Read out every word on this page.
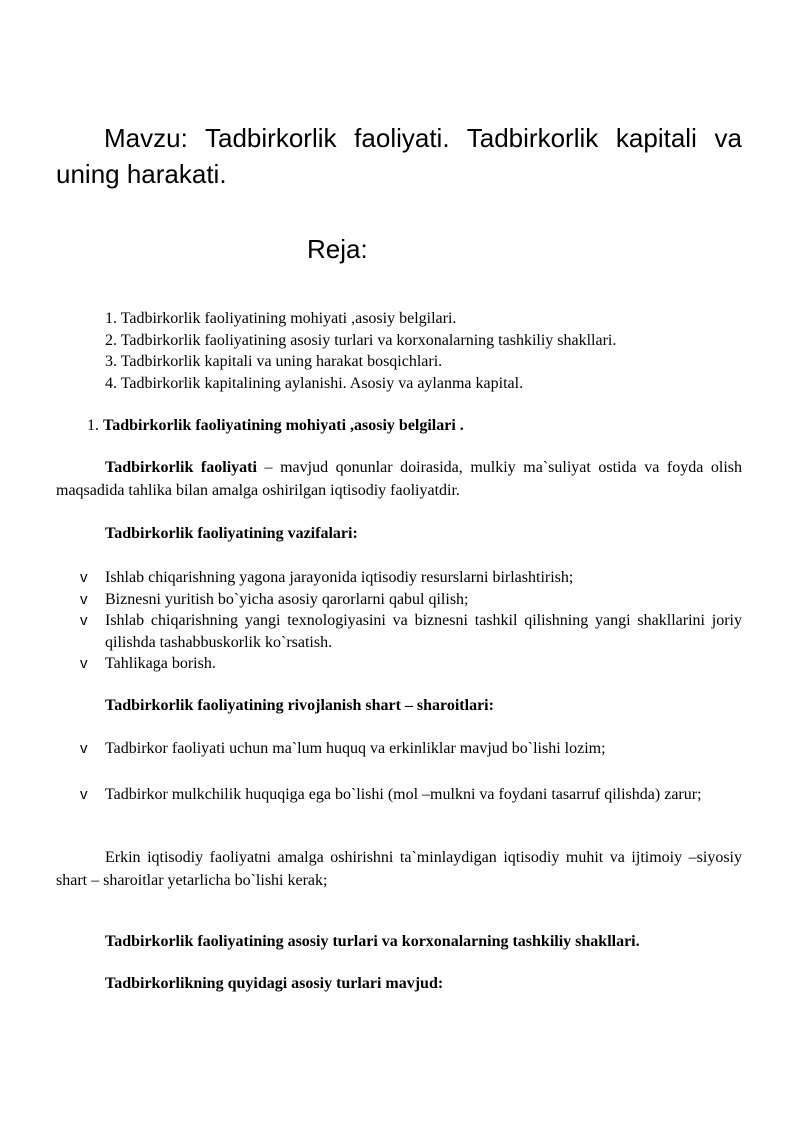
Mavzu: Tadbirkorlik faoliyati. Tadbirkorlik kapitali va uning harakati.

Reja:

1. Tadbirkorlik faoliyatining mohiyati ,asosiy belgilari.
2. Tadbirkorlik faoliyatining asosiy turlari va korxonalarning tashkiliy shakllari.
3. Tadbirkorlik kapitali va uning harakat bosqichlari.
4. Tadbirkorlik kapitalining aylanishi. Asosiy va aylanma kapital.

1. Tadbirkorlik faoliyatining mohiyati ,asosiy belgilari .

Tadbirkorlik faoliyati – mavjud qonunlar doirasida, mulkiy ma`suliyat ostida va foyda olish maqsadida tahlika bilan amalga oshirilgan iqtisodiy faoliyatdir.

Tadbirkorlik faoliyatining vazifalari:

v Ishlab chiqarishning yagona jarayonida iqtisodiy resurslarni birlashtirish;
v Biznesni yuritish bo`yicha asosiy qarorlarni qabul qilish;
v Ishlab chiqarishning yangi texnologiyasini va biznesni tashkil qilishning yangi shakllarini joriy qilishda tashabbuskorlik ko`rsatish.
v Tahlikaga borish.

Tadbirkorlik faoliyatining rivojlanish shart – sharoitlari:

v Tadbirkor faoliyati uchun ma`lum huquq va erkinliklar mavjud bo`lishi lozim;
v Tadbirkor mulkchilik huquqiga ega bo`lishi (mol –mulkni va foydani tasarruf qilishda) zarur;

Erkin iqtisodiy faoliyatni amalga oshirishni ta`minlaydigan iqtisodiy muhit va ijtimoiy –siyosiy shart – sharoitlar yetarlicha bo`lishi kerak;

Tadbirkorlik faoliyatining asosiy turlari va korxonalarning tashkiliy shakllari.

Tadbirkorlikning quyidagi asosiy turlari mavjud:
